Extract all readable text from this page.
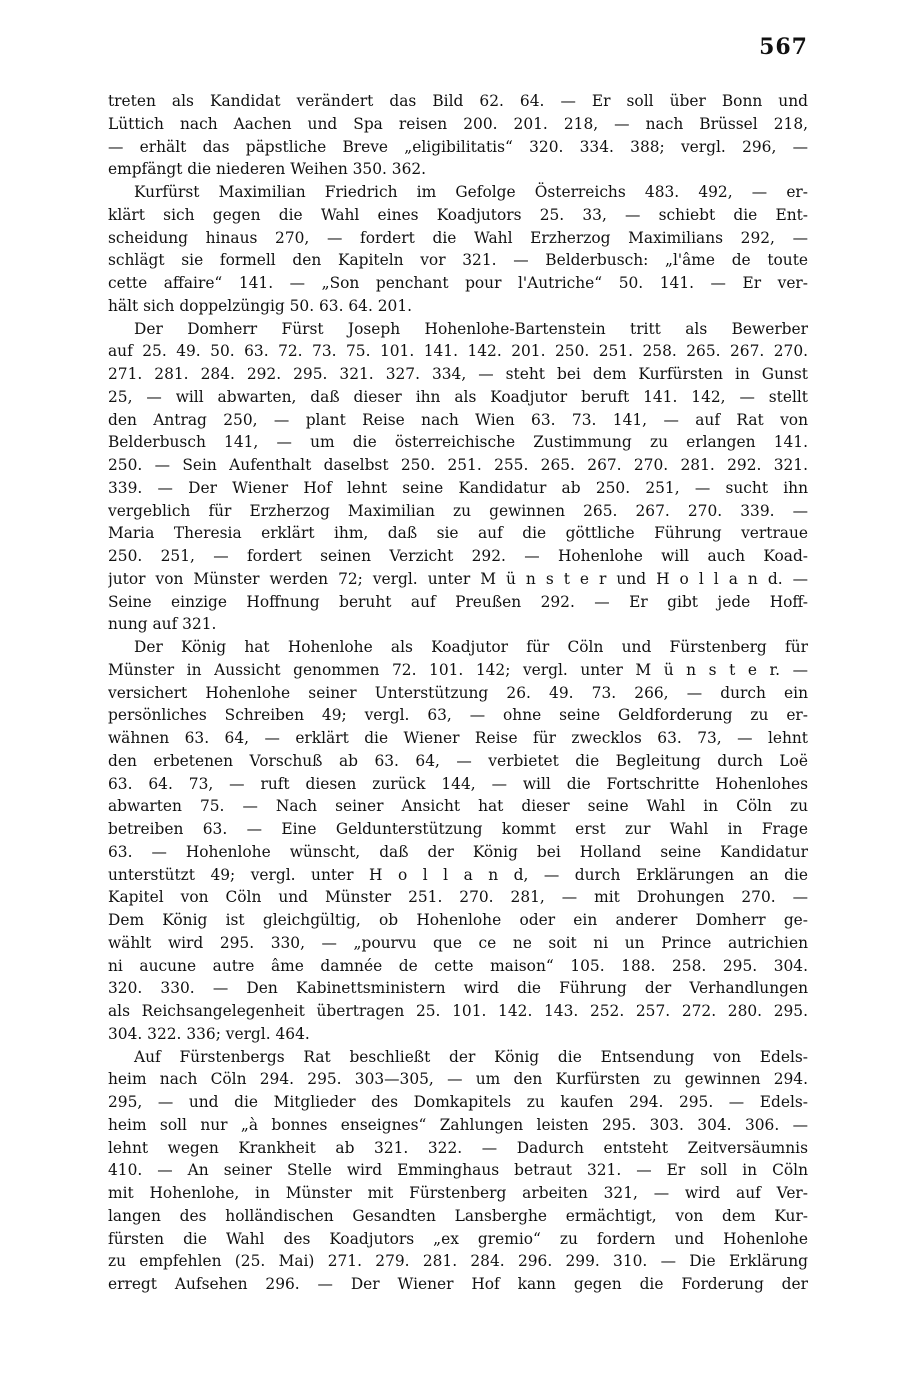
567
treten als Kandidat verändert das Bild 62. 64. — Er soll über Bonn und
Lüttich nach Aachen und Spa reisen 200. 201. 218, — nach Brüssel 218,
— erhält das päpstliche Breve „eligibilitatis“ 320. 334. 388; vergl. 296, —
empfängt die niederen Weihen 350. 362.
Kurfürst Maximilian Friedrich im Gefolge Österreichs 483. 492, — er-
klärt sich gegen die Wahl eines Koadjutors 25. 33, — schiebt die Ent-
scheidung hinaus 270, — fordert die Wahl Erzherzog Maximilians 292, —
schlägt sie formell den Kapiteln vor 321. — Belderbusch: „l'âme de toute
cette affaire“ 141. — „Son penchant pour l'Autriche“ 50. 141. — Er ver-
hält sich doppelzüngig 50. 63. 64. 201.
Der Domherr Fürst Joseph Hohenlohe-Bartenstein tritt als Bewerber
auf 25. 49. 50. 63. 72. 73. 75. 101. 141. 142. 201. 250. 251. 258. 265. 267. 270.
271. 281. 284. 292. 295. 321. 327. 334, — steht bei dem Kurfürsten in Gunst
25, — will abwarten, daß dieser ihn als Koadjutor beruft 141. 142, — stellt
den Antrag 250, — plant Reise nach Wien 63. 73. 141, — auf Rat von
Belderbusch 141, — um die österreichische Zustimmung zu erlangen 141.
250. — Sein Aufenthalt daselbst 250. 251. 255. 265. 267. 270. 281. 292. 321.
339. — Der Wiener Hof lehnt seine Kandidatur ab 250. 251, — sucht ihn
vergeblich für Erzherzog Maximilian zu gewinnen 265. 267. 270. 339. —
Maria Theresia erklärt ihm, daß sie auf die göttliche Führung vertraue
250. 251, — fordert seinen Verzicht 292. — Hohenlohe will auch Koad-
jutor von Münster werden 72; vergl. unter M ü n s t e r und H o l l a n d. —
Seine einzige Hoffnung beruht auf Preußen 292. — Er gibt jede Hoff-
nung auf 321.
Der König hat Hohenlohe als Koadjutor für Cöln und Fürstenberg für
Münster in Aussicht genommen 72. 101. 142; vergl. unter M ü n s t e r. —
versichert Hohenlohe seiner Unterstützung 26. 49. 73. 266, — durch ein
persönliches Schreiben 49; vergl. 63, — ohne seine Geldforderung zu er-
wähnen 63. 64, — erklärt die Wiener Reise für zwecklos 63. 73, — lehnt
den erbetenen Vorschuß ab 63. 64, — verbietet die Begleitung durch Loë
63. 64. 73, — ruft diesen zurück 144, — will die Fortschritte Hohenlohes
abwarten 75. — Nach seiner Ansicht hat dieser seine Wahl in Cöln zu
betreiben 63. — Eine Geldunterstützung kommt erst zur Wahl in Frage
63. — Hohenlohe wünscht, daß der König bei Holland seine Kandidatur
unterstützt 49; vergl. unter H o l l a n d, — durch Erklärungen an die
Kapitel von Cöln und Münster 251. 270. 281, — mit Drohungen 270. —
Dem König ist gleichgültig, ob Hohenlohe oder ein anderer Domherr ge-
wählt wird 295. 330, — „pourvu que ce ne soit ni un Prince autrichien
ni aucune autre âme damnée de cette maison“ 105. 188. 258. 295. 304.
320. 330. — Den Kabinettsministern wird die Führung der Verhandlungen
als Reichsangelegenheit übertragen 25. 101. 142. 143. 252. 257. 272. 280. 295.
304. 322. 336; vergl. 464.
Auf Fürstenbergs Rat beschließt der König die Entsendung von Edels-
heim nach Cöln 294. 295. 303—305, — um den Kurfürsten zu gewinnen 294.
295, — und die Mitglieder des Domkapitels zu kaufen 294. 295. — Edels-
heim soll nur „à bonnes enseignes“ Zahlungen leisten 295. 303. 304. 306. —
lehnt wegen Krankheit ab 321. 322. — Dadurch entsteht Zeitversäumnis
410. — An seiner Stelle wird Emminghaus betraut 321. — Er soll in Cöln
mit Hohenlohe, in Münster mit Fürstenberg arbeiten 321, — wird auf Ver-
langen des holländischen Gesandten Lansberghe ermächtigt, von dem Kur-
fürsten die Wahl des Koadjutors „ex gremio“ zu fordern und Hohenlohe
zu empfehlen (25. Mai) 271. 279. 281. 284. 296. 299. 310. — Die Erklärung
erregt Aufsehen 296. — Der Wiener Hof kann gegen die Forderung der
